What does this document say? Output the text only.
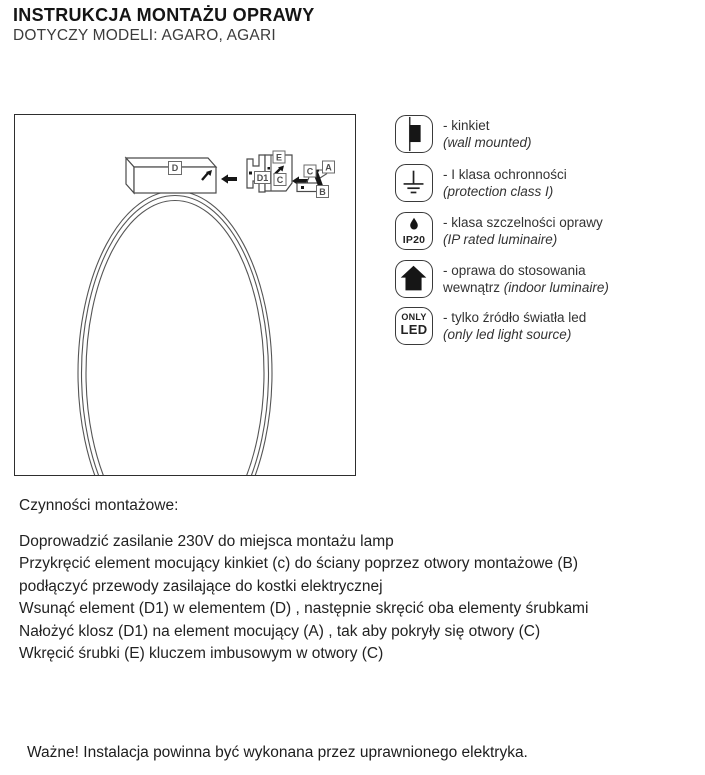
INSTRUKCJA MONTAŻU OPRAWY
DOTYCZY MODELI: AGARO, AGARI
D
E
D1 C
C A
B
- kinkiet
(wall mounted)
- I klasa ochronności
(protection class I)
IP20
- klasa szczelności oprawy
(IP rated luminaire)
- oprawa do stosowania
wewnątrz (indoor luminaire)
ONLY
LED
- tylko źródło światła led
(only led light source)
Czynności montażowe:
Doprowadzić zasilanie 230V do miejsca montażu lamp
Przykręcić element mocujący kinkiet (c) do ściany poprzez otwory montażowe (B)
podłączyć przewody zasilające do kostki elektrycznej
Wsunąć element (D1) w elementem (D) , następnie skręcić oba elementy śrubkami
Nałożyć klosz (D1) na element mocujący (A) , tak aby pokryły się otwory (C)
Wkręcić śrubki (E) kluczem imbusowym w otwory (C)
Ważne! Instalacja powinna być wykonana przez uprawnionego elektryka.
